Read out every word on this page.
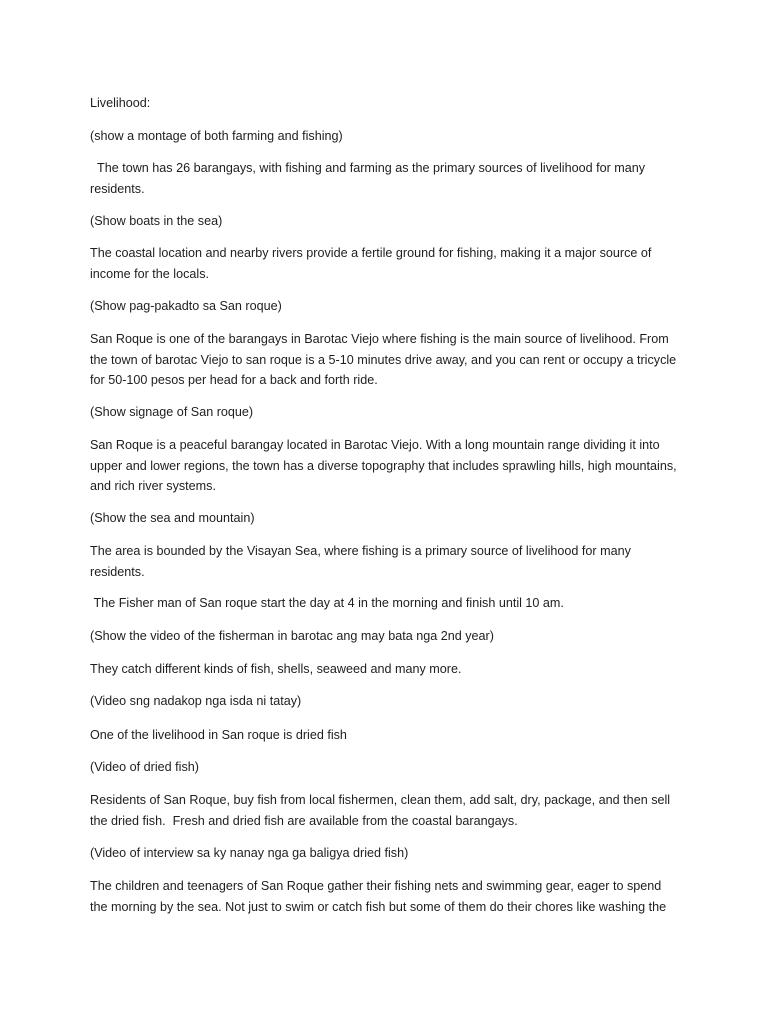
Livelihood:

(show a montage of both farming and fishing)

The town has 26 barangays, with fishing and farming as the primary sources of livelihood for many residents.

(Show boats in the sea)

The coastal location and nearby rivers provide a fertile ground for fishing, making it a major source of income for the locals.

(Show pag-pakadto sa San roque)

San Roque is one of the barangays in Barotac Viejo where fishing is the main source of livelihood. From the town of barotac Viejo to san roque is a 5-10 minutes drive away, and you can rent or occupy a tricycle for 50-100 pesos per head for a back and forth ride.

(Show signage of San roque)

San Roque is a peaceful barangay located in Barotac Viejo. With a long mountain range dividing it into upper and lower regions, the town has a diverse topography that includes sprawling hills, high mountains, and rich river systems.

(Show the sea and mountain)

The area is bounded by the Visayan Sea, where fishing is a primary source of livelihood for many residents.

The Fisher man of San roque start the day at 4 in the morning and finish until 10 am.

(Show the video of the fisherman in barotac ang may bata nga 2nd year)

They catch different kinds of fish, shells, seaweed and many more.

(Video sng nadakop nga isda ni tatay)

One of the livelihood in San roque is dried fish

(Video of dried fish)

Residents of San Roque, buy fish from local fishermen, clean them, add salt, dry, package, and then sell the dried fish.  Fresh and dried fish are available from the coastal barangays.

(Video of interview sa ky nanay nga ga baligya dried fish)

The children and teenagers of San Roque gather their fishing nets and swimming gear, eager to spend the morning by the sea. Not just to swim or catch fish but some of them do their chores like washing the
